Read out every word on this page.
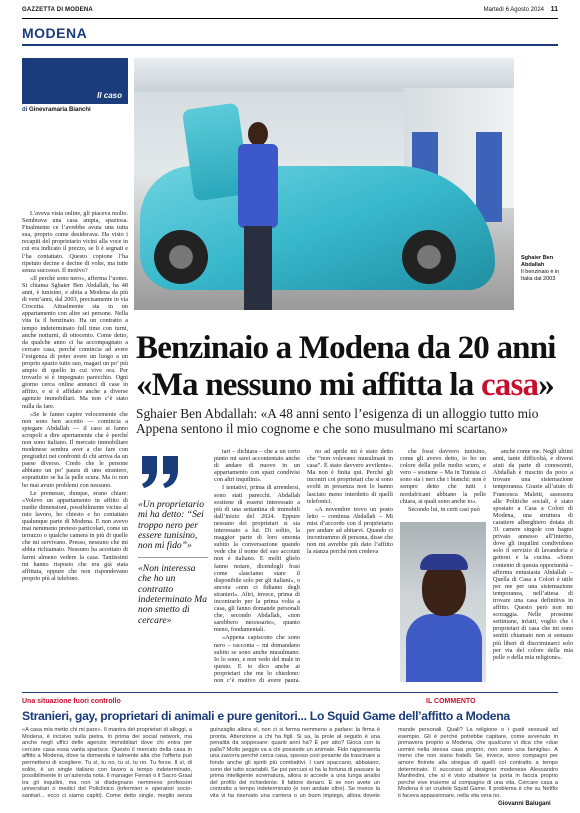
GAZZETTA DI MODENA	Martedì 6 Agosto 2024 11
MODENA
Il caso
di Ginevramaria Bianchi
Sghaier Ben Abdallah
Il benzinaio è in Italia dal 2003
Benzinaio a Modena da 20 anni
«Ma nessuno mi affitta la casa»
Sghaier Ben Abdallah: «A 48 anni sento l’esigenza di un alloggio tutto mio Appena sentono il mio cognome e che sono musulmano mi scartano»

L’aveva vista online, gli piaceva molto. Sembrava una casa ampia, spaziosa. Finalmente ce l’avrebbe avuta una tutta sua, proprio come desiderava. Ha visto i recapiti del proprietario vicini alla voce in cui era indicato il prezzo, se li è segnati e l’ha contattato. Questo copione l’ha ripetuto decine e decine di volte, ma tutte senza successo. Il motivo?

«Il perché sono nero», afferma l’uomo. Si chiama Sghaier Ben Abdallah, ha 48 anni, è tunisino, e abita a Modena da più di vent’anni, dal 2003, precisamente in via Crocetta. Attualmente sta in un appartamento con altre sei persone. Nella vita fa il benzinaio. Ha un contratto a tempo indeterminato full time con turni, anche notturni, di ottocento. Come detto, da qualche anno ci ha accompagnato a cercare casa, perché comincia ad avere l’esigenza di poter avere un luogo a un proprio spazio tutto suo, magari un po’ più ampio di quello in cui vive ora. Per trovarlo si è impegnato parecchio. Ogni giorno cerca online annunci di case in affitto, e si è affidato anche a diverse agenzie immobiliari. Ma non c’è stato nulla da fare.

«Se le fanno capire velocemente che non sono ben accetto — comincia a spiegare Abdallah — il caso si fanno scrupoli a dire apertamente che è perché non sono italiano. Il mercato immobiliare modenese sembra aver a che fare con pregiudizi nei confronti di chi arriva da un paese diverso. Credo che le persone abbiano un po’ paura di uno straniero, soprattutto se ha la pelle scura. Ma io non ho mai avuto problemi con nessuno.

Le premesse, dunque, erano chiare: «Volevo un appartamento in affitto di medie dimensioni, possibilmente vicino al mio lavoro, ho chiesto e ho contattato qualunque parte di Modena. E non avevo mai nemmeno preteso particolari, come un terrazzo o qualche camera in più di quelle che mi servivano. Presso, nessuno che mi abbia richiamato. Nessuno ha accettato di farmi almeno vedere la casa. Tantissimi mi hanno risposto che era già stata affittata, oppure che non rispondevano proprio più al telefono.

«Un proprietario mi ha detto: “Sei troppo nero per essere tunisino, non mi fido”»
«Non interessa che ho un contratto indeterminato Ma non smetto di cercare»

tari – dichiara – che a un certo punto mi sarei accontentato anche di andare di nuovo in un appartamento con spazi condivisi con altri inquilini».

I tentativi, prima di arrendersi, sono stati parecchi. Abdallah sostiene di essersi interessato a più di una settantina di immobili dall’inizio del 2024. Eppure nessuno dei proprietari si sia interessato a lui. Di solito, la maggior parte di loro smonta subito la conversazione quando vede che il nome del suo account non è italiano. E molti glielo fanno notare, dicendogli frasi come «lasciamo stare il disponibile solo per gli italiani», o ancora «non ci fidiamo degli stranieri». Altri, invece, prima di incontrarlo per la prima volta a casa, gli fanno domande personali che, secondo Abdallah, «non sarebbero necessarie», quanto meno, fondamentali.

«Appena capiscono che sono nero – racconta – mi domandano subito se sono anche musulmano. Io lo sono, e non vedo del male in questo. E io dico anche ai proprietari che me lo chiedono: non c’è motivo di avere paura.

no ad aprile mi è stato detto che “non volevano musulmani in casa”. È stato davvero avvilente». Ma non è finita qui. Perché gli incontri coi proprietari che si sono svolti in presenza non lo hanno lasciato meno interdetto di quelli telefonici.

«A novembre trovo un posto letto – continua Abdallah – Mi misi d’accordo con il proprietario per andare ad abitarvi. Quando ci incontrammo di persona, disse che non mi avrebbe più dato l’affitto la stanza perché non credeva

che fossi davvero tunisino, come gli avevo detto, io ho un colore della pelle molto scuro, e vero – sostiene – Ma in Tunisia ci sono sia i neri che i bianchi: non è sempre detto che tutti i nordafricani abbiano la pelle chiara, ai quali sono anche io».

Secondo lui, in certi casi può

anche come me. Negli ultimi anni, tante difficoltà, e diversi aiuti da parte di conoscenti, Abdallah è riuscito da poco a trovare una sistemazione temporanea. Grazie all’aiuto di Francesca Maletti, assessora alle Politiche sociali, è stato spostato a Casa a Colori di Modena, una struttura di carattere alberghiero dotata di 31 camere singole con bagno privato annesso all’interno, dove gli inquilini condividono solo il servizio di lavanderia e gettoni e la cucina. «Sono contento di questa opportunità – afferma entusiasta Abdallah – Quella di Casa a Colori è utile per me per una sistemazione temporanea, nell’attesa di trovare una casa definitiva in affitto. Questo però non mi scoraggia. Nelle prossime settimane, infatti, voglio che i proprietari di casa che mi sono sentiti chiamato non si sentano più liberi di discriminarci solo per via del colore della mia pelle o della mia religione».

Una situazione fuori controllo	IL COMMENTO
Stranieri, gay, proprietari di animali e pure genitori... Lo Squid Game dell’affitto a Modena
«A casa mia metto chi mi pare». Il mantra dei proprietari di alloggi, a Modena, è incisivo sulla pietra. In prima dei social network, ma anche negli uffici delle agenzie immobiliari dove chi entra per cercare casa essa vanta sparisce. Questo il mercato della casa in affitto a Modena, dove la domanda è talmente alta che l’offerta può permettersi di scegliere. Tu sì, tu no, tu sì, tu no. Tu forse. Il sì, di solito, è un single italiano con lavoro a tempo indeterminato, possibilmente in un’azienda nota. Il manager Ferrari o il Sacro Graal tra gli inquilini, ma non si disdegnano nemmeno professori universitari o medici del Policlinico (infermieri e operatori socio-sanitari... ecco ci siamo capiti). Come detto single, meglio senza
guinzaglio allora sì, non ci si ferma nemmeno a parlare: la firma è pronta. Attenzione a chi ha figli. Si sa, la prole al seguito è una penalità da soppesare: quanti anni ha? È per atto? Gioca con la palla? Molto peggio va a chi possiede un animale. Fido rappresenta una zavorra perché cerca casa, spesso così pesante da trascinare a fondo anche gli spiriti più combattivi. I cani spaccano, abbaiano, sono dei tutto scartabili. Se poi percuoi si ha la fortuna di passare la prima intelligente scrematura, allora si accede a una lunga analisi del profilo del richiedente. Il fattore denaro. E se non avete un contratto a tempo indeterminato (e non andate oltre). Se invece la vita vi ha riservato una carriera o un buon impiego, allora dovete
mande personali. Quali? La religione o i gusti sessuali ad esempio. Gli è perché potrebbe capitare, come avvenuto in primavera proprio a Modena, che qualcuno vi dica che «due uomini nella stessa casa proprio, non sono una famiglia». A meno che non siano fratelli. Se, invece, sono compagni per amore finirete alla stregua di quelli col contratto a tempo determinato. Il successo al designer modenese Alessandro Manfredini, che si è visto sbattere la porta in faccia proprio perché vive insieme al compagno di una vita. Cercare casa a Modena è un crudele Squid Game. Il problema è che su Netflix ti faceva appassionare, nella vita vera no.
Giovanni Balugani
